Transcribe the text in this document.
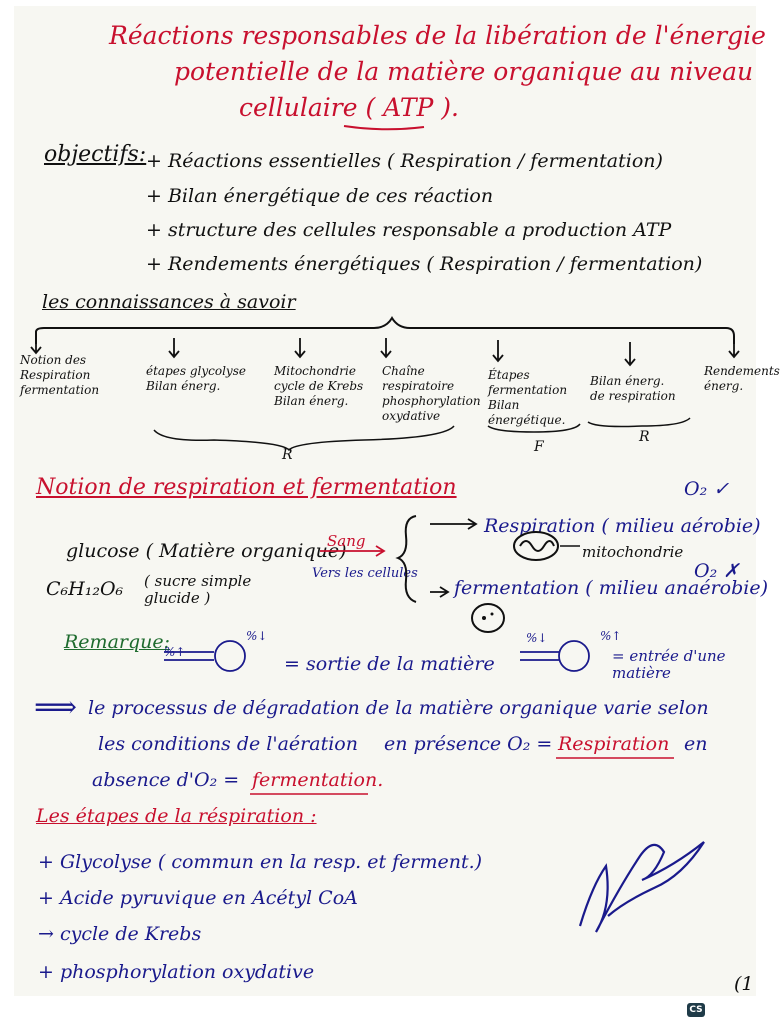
Réactions responsables de la libération de l'énergie
potentielle de la matière organique au niveau
cellulaire ( ATP ).
objectifs: + Réactions essentielles ( Respiration / fermentation)
+ Bilan énergétique de ces réaction
+ structure des cellules responsable a production ATP
+ Rendements énergétiques ( Respiration / fermentation)
les connaissances à savoir
Notion des Respiration fermentation
étapes glycolyse Bilan énerg.
Mitochondrie cycle de Krebs Bilan énerg.
Chaîne respiratoire phosphorylation oxydative
Étapes fermentation Bilan énergétique.
Bilan énerg. de respiration
Rendements énerg.
R	F
R
Notion de respiration et fermentation	O₂ ✓
glucose ( Matière organique)
C₆H₁₂O₆ ( sucre simple glucide )
Sang
Vers les cellules
Respiration ( milieu aérobie)
mitochondrie
O₂ ✗
fermentation ( milieu anaérobie)
Remarque:
%↑
%↓
= sortie de la matière
%↓	%↑
= entrée d'une matière
⟹ le processus de dégradation de la matière organique varie selon
les conditions de l'aération en présence O₂ = Respiration en
absence d'O₂ = fermentation.
Les étapes de la réspiration :
+ Glycolyse ( commun en la resp. et ferment.)
+ Acide pyruvique en Acétyl CoA
→ cycle de Krebs
+ phosphorylation oxydative
(1
CS
